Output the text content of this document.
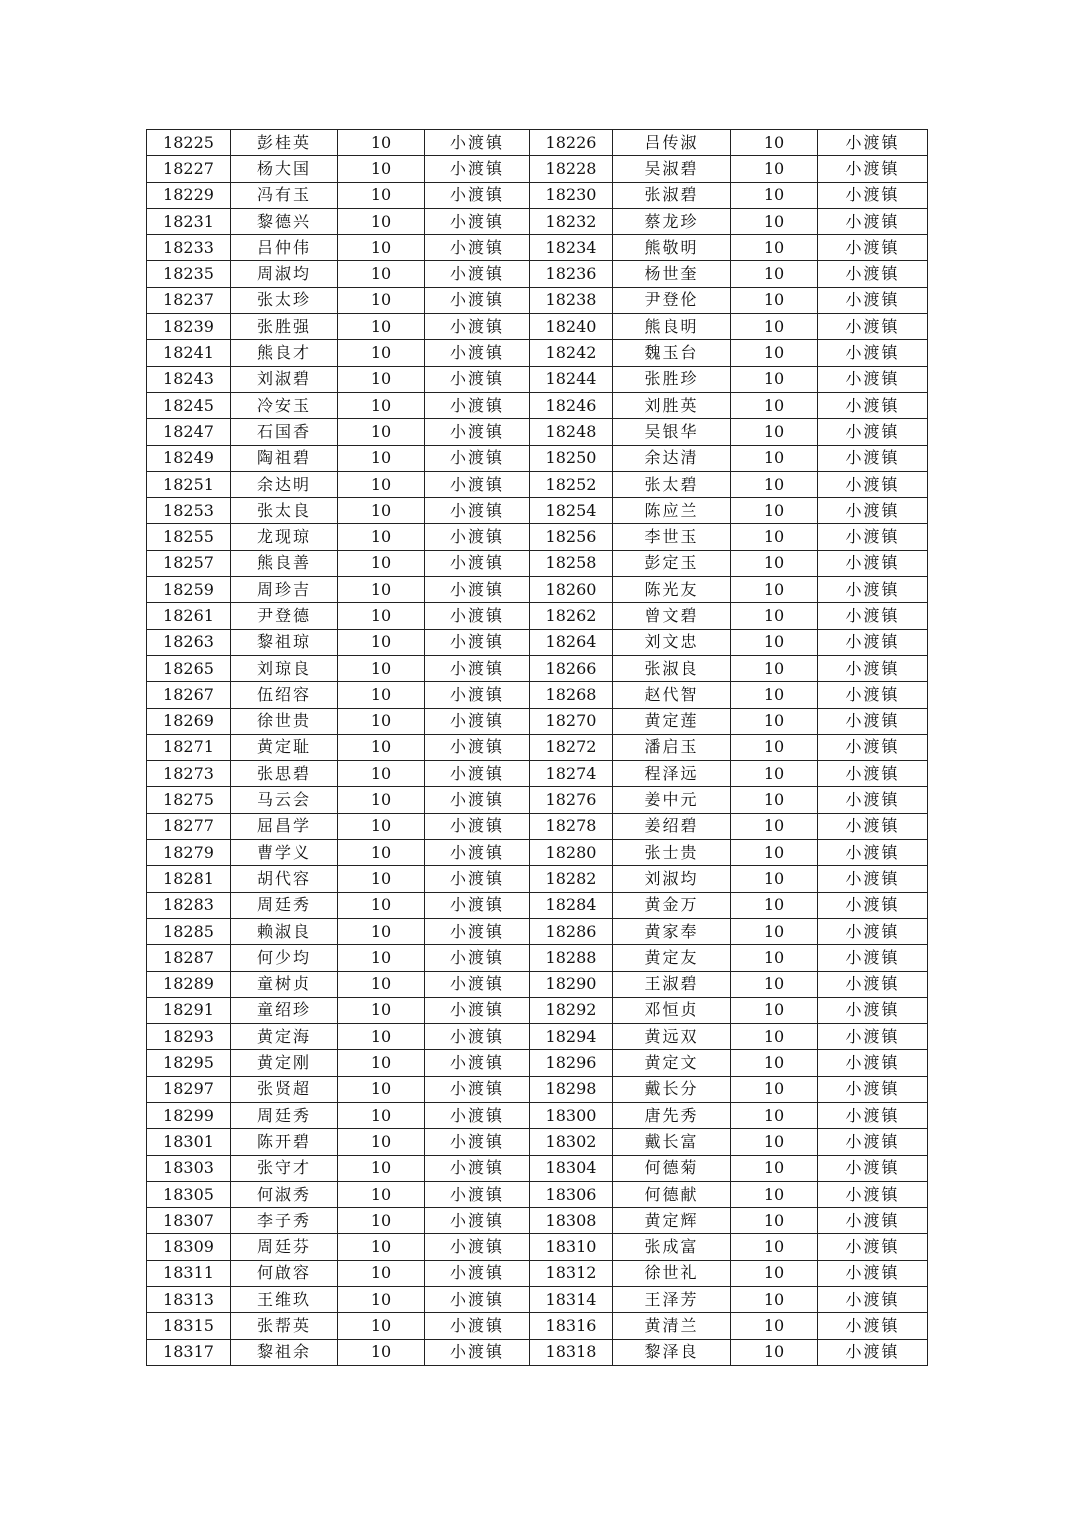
18225	彭桂英	10	小渡镇	18226	吕传淑	10	小渡镇
18227	杨大国	10	小渡镇	18228	吴淑碧	10	小渡镇
18229	冯有玉	10	小渡镇	18230	张淑碧	10	小渡镇
18231	黎德兴	10	小渡镇	18232	蔡龙珍	10	小渡镇
18233	吕仲伟	10	小渡镇	18234	熊敬明	10	小渡镇
18235	周淑均	10	小渡镇	18236	杨世奎	10	小渡镇
18237	张太珍	10	小渡镇	18238	尹登伦	10	小渡镇
18239	张胜强	10	小渡镇	18240	熊良明	10	小渡镇
18241	熊良才	10	小渡镇	18242	魏玉台	10	小渡镇
18243	刘淑碧	10	小渡镇	18244	张胜珍	10	小渡镇
18245	冷安玉	10	小渡镇	18246	刘胜英	10	小渡镇
18247	石国香	10	小渡镇	18248	吴银华	10	小渡镇
18249	陶祖碧	10	小渡镇	18250	余达清	10	小渡镇
18251	余达明	10	小渡镇	18252	张太碧	10	小渡镇
18253	张太良	10	小渡镇	18254	陈应兰	10	小渡镇
18255	龙现琼	10	小渡镇	18256	李世玉	10	小渡镇
18257	熊良善	10	小渡镇	18258	彭定玉	10	小渡镇
18259	周珍吉	10	小渡镇	18260	陈光友	10	小渡镇
18261	尹登德	10	小渡镇	18262	曾文碧	10	小渡镇
18263	黎祖琼	10	小渡镇	18264	刘文忠	10	小渡镇
18265	刘琼良	10	小渡镇	18266	张淑良	10	小渡镇
18267	伍绍容	10	小渡镇	18268	赵代智	10	小渡镇
18269	徐世贵	10	小渡镇	18270	黄定莲	10	小渡镇
18271	黄定耻	10	小渡镇	18272	潘启玉	10	小渡镇
18273	张思碧	10	小渡镇	18274	程泽远	10	小渡镇
18275	马云会	10	小渡镇	18276	姜中元	10	小渡镇
18277	屈昌学	10	小渡镇	18278	姜绍碧	10	小渡镇
18279	曹学义	10	小渡镇	18280	张士贵	10	小渡镇
18281	胡代容	10	小渡镇	18282	刘淑均	10	小渡镇
18283	周廷秀	10	小渡镇	18284	黄金万	10	小渡镇
18285	赖淑良	10	小渡镇	18286	黄家奉	10	小渡镇
18287	何少均	10	小渡镇	18288	黄定友	10	小渡镇
18289	童树贞	10	小渡镇	18290	王淑碧	10	小渡镇
18291	童绍珍	10	小渡镇	18292	邓恒贞	10	小渡镇
18293	黄定海	10	小渡镇	18294	黄远双	10	小渡镇
18295	黄定刚	10	小渡镇	18296	黄定文	10	小渡镇
18297	张贤超	10	小渡镇	18298	戴长分	10	小渡镇
18299	周廷秀	10	小渡镇	18300	唐先秀	10	小渡镇
18301	陈开碧	10	小渡镇	18302	戴长富	10	小渡镇
18303	张守才	10	小渡镇	18304	何德菊	10	小渡镇
18305	何淑秀	10	小渡镇	18306	何德献	10	小渡镇
18307	李子秀	10	小渡镇	18308	黄定辉	10	小渡镇
18309	周廷芬	10	小渡镇	18310	张成富	10	小渡镇
18311	何啟容	10	小渡镇	18312	徐世礼	10	小渡镇
18313	王维玖	10	小渡镇	18314	王泽芳	10	小渡镇
18315	张帮英	10	小渡镇	18316	黄清兰	10	小渡镇
18317	黎祖余	10	小渡镇	18318	黎泽良	10	小渡镇
